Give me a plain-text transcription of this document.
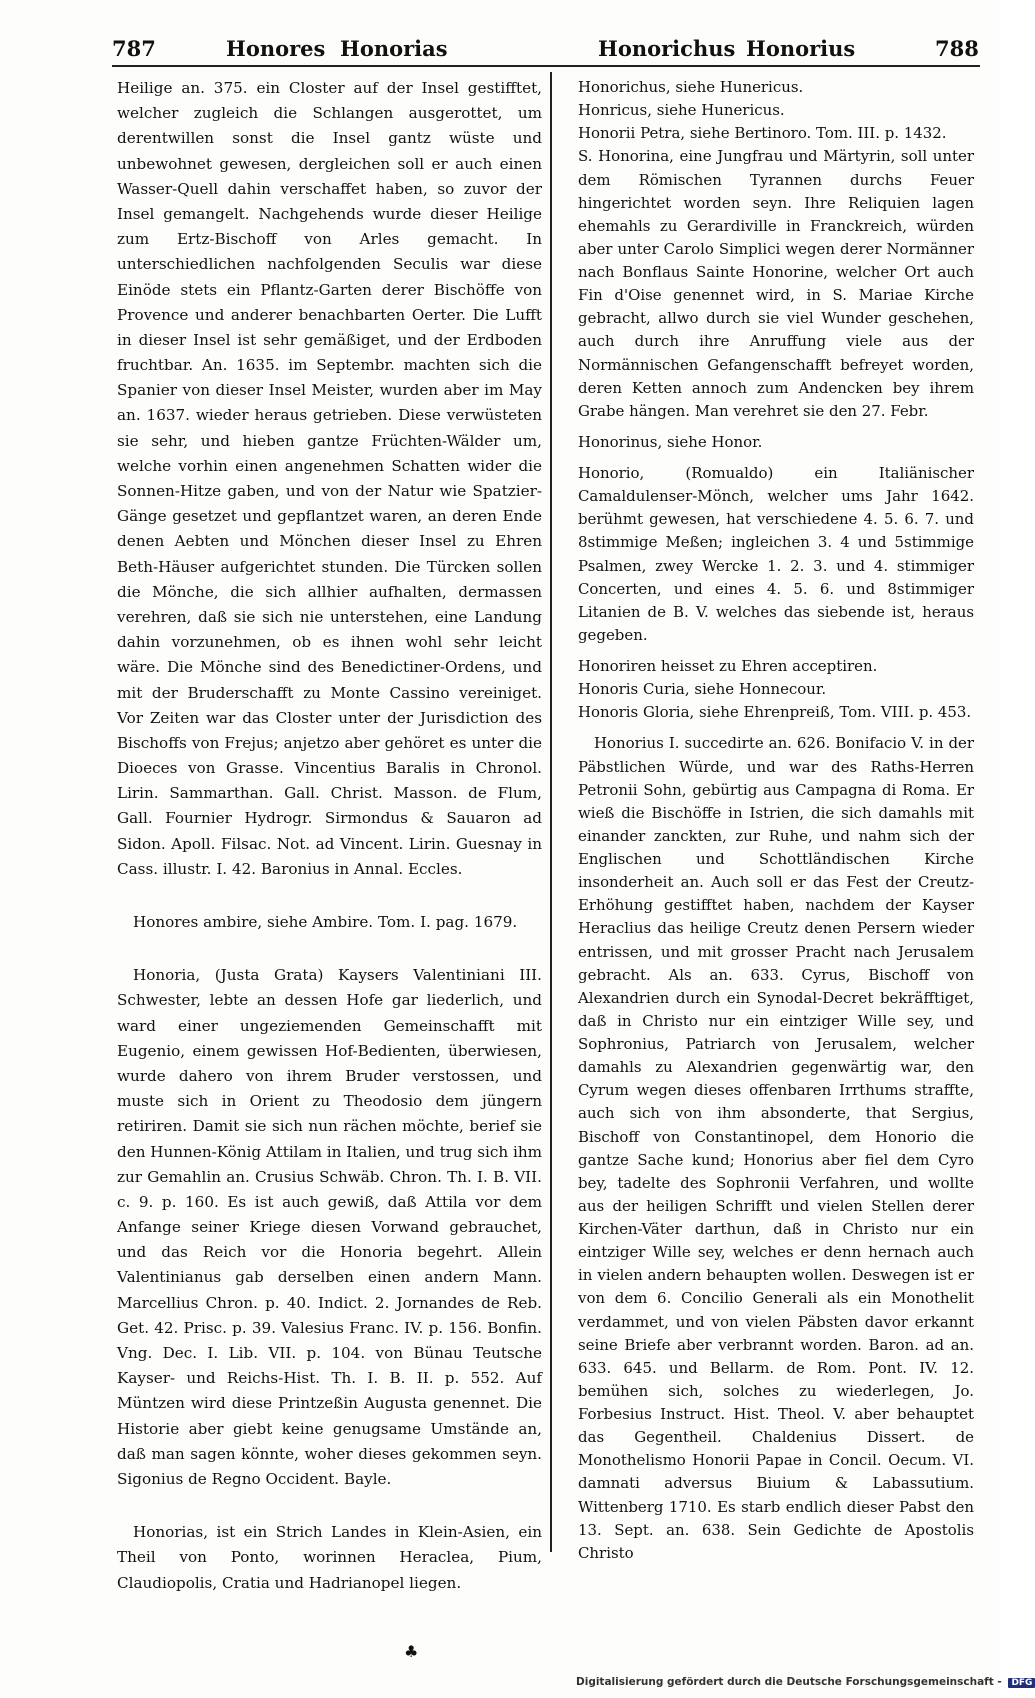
787	Honores Honorias	Honorichus Honorius	788

Heilige an. 375. ein Closter auf der Insel gestifftet, welcher zugleich die Schlangen ausgerottet, um derentwillen sonst die Insel gantz wüste und unbewohnet gewesen, dergleichen soll er auch einen Wasser-Quell dahin verschaffet haben, so zuvor der Insel gemangelt. Nachgehends wurde dieser Heilige zum Ertz-Bischoff von Arles gemacht. In unterschiedlichen nachfolgenden Seculis war diese Einöde stets ein Pflantz-Garten derer Bischöffe von Provence und anderer benachbarten Oerter. Die Lufft in dieser Insel ist sehr gemäßiget, und der Erdboden fruchtbar. An. 1635. im Septembr. machten sich die Spanier von dieser Insel Meister, wurden aber im May an. 1637. wieder heraus getrieben. Diese verwüsteten sie sehr, und hieben gantze Früchten-Wälder um, welche vorhin einen angenehmen Schatten wider die Sonnen-Hitze gaben, und von der Natur wie Spatzier-Gänge gesetzet und gepflantzet waren, an deren Ende denen Aebten und Mönchen dieser Insel zu Ehren Beth-Häuser aufgerichtet stunden. Die Türcken sollen die Mönche, die sich allhier aufhalten, dermassen verehren, daß sie sich nie unterstehen, eine Landung dahin vorzunehmen, ob es ihnen wohl sehr leicht wäre. Die Mönche sind des Benedictiner-Ordens, und mit der Bruderschafft zu Monte Cassino vereiniget. Vor Zeiten war das Closter unter der Jurisdiction des Bischoffs von Frejus; anjetzo aber gehöret es unter die Dioeces von Grasse. Vincentius Baralis in Chronol. Lirin. Sammarthan. Gall. Christ. Masson. de Flum, Gall. Fournier Hydrogr. Sirmondus & Sauaron ad Sidon. Apoll. Filsac. Not. ad Vincent. Lirin. Guesnay in Cass. illustr. I. 42. Baronius in Annal. Eccles.

Honores ambire, siehe Ambire. Tom. I. pag. 1679.

Honoria, (Justa Grata) Kaysers Valentiniani III. Schwester, lebte an dessen Hofe gar liederlich, und ward einer ungeziemenden Gemeinschafft mit Eugenio, einem gewissen Hof-Bedienten, überwiesen, wurde dahero von ihrem Bruder verstossen, und muste sich in Orient zu Theodosio dem jüngern retiriren. Damit sie sich nun rächen möchte, berief sie den Hunnen-König Attilam in Italien, und trug sich ihm zur Gemahlin an. Crusius Schwäb. Chron. Th. I. B. VII. c. 9. p. 160. Es ist auch gewiß, daß Attila vor dem Anfange seiner Kriege diesen Vorwand gebrauchet, und das Reich vor die Honoria begehrt. Allein Valentinianus gab derselben einen andern Mann. Marcellius Chron. p. 40. Indict. 2. Jornandes de Reb. Get. 42. Prisc. p. 39. Valesius Franc. IV. p. 156. Bonfin. Vng. Dec. I. Lib. VII. p. 104. von Bünau Teutsche Kayser- und Reichs-Hist. Th. I. B. II. p. 552. Auf Müntzen wird diese Printzeßin Augusta genennet. Die Historie aber giebt keine genugsame Umstände an, daß man sagen könnte, woher dieses gekommen seyn. Sigonius de Regno Occident. Bayle.

Honorias, ist ein Strich Landes in Klein-Asien, ein Theil von Ponto, worinnen Heraclea, Pium, Claudiopolis, Cratia und Hadrianopel liegen.

Honorichus, siehe Hunericus.

Honricus, siehe Hunericus.

Honorii Petra, siehe Bertinoro. Tom. III. p. 1432.

S. Honorina, eine Jungfrau und Märtyrin, soll unter dem Römischen Tyrannen durchs Feuer hingerichtet worden seyn. Ihre Reliquien lagen ehemahls zu Gerardiville in Franckreich, würden aber unter Carolo Simplici wegen derer Normänner nach Bonflaus Sainte Honorine, welcher Ort auch Fin d'Oise genennet wird, in S. Mariae Kirche gebracht, allwo durch sie viel Wunder geschehen, auch durch ihre Anruffung viele aus der Normännischen Gefangenschafft befreyet worden, deren Ketten annoch zum Andencken bey ihrem Grabe hängen. Man verehret sie den 27. Febr.

Honorinus, siehe Honor.

Honorio, (Romualdo) ein Italiänischer Camaldulenser-Mönch, welcher ums Jahr 1642. berühmt gewesen, hat verschiedene 4. 5. 6. 7. und 8stimmige Meßen; ingleichen 3. 4 und 5stimmige Psalmen, zwey Wercke 1. 2. 3. und 4. stimmiger Concerten, und eines 4. 5. 6. und 8stimmiger Litanien de B. V. welches das siebende ist, heraus gegeben.

Honoriren heisset zu Ehren acceptiren.

Honoris Curia, siehe Honnecour.

Honoris Gloria, siehe Ehrenpreiß, Tom. VIII. p. 453.

Honorius I. succedirte an. 626. Bonifacio V. in der Päbstlichen Würde, und war des Raths-Herren Petronii Sohn, gebürtig aus Campagna di Roma. Er wieß die Bischöffe in Istrien, die sich damahls mit einander zanckten, zur Ruhe, und nahm sich der Englischen und Schottländischen Kirche insonderheit an. Auch soll er das Fest der Creutz-Erhöhung gestifftet haben, nachdem der Kayser Heraclius das heilige Creutz denen Persern wieder entrissen, und mit grosser Pracht nach Jerusalem gebracht. Als an. 633. Cyrus, Bischoff von Alexandrien durch ein Synodal-Decret bekräfftiget, daß in Christo nur ein eintziger Wille sey, und Sophronius, Patriarch von Jerusalem, welcher damahls zu Alexandrien gegenwärtig war, den Cyrum wegen dieses offenbaren Irrthums straffte, auch sich von ihm absonderte, that Sergius, Bischoff von Constantinopel, dem Honorio die gantze Sache kund; Honorius aber fiel dem Cyro bey, tadelte des Sophronii Verfahren, und wollte aus der heiligen Schrifft und vielen Stellen derer Kirchen-Väter darthun, daß in Christo nur ein eintziger Wille sey, welches er denn hernach auch in vielen andern behaupten wollen. Deswegen ist er von dem 6. Concilio Generali als ein Monothelit verdammet, und von vielen Päbsten davor erkannt seine Briefe aber verbrannt worden. Baron. ad an. 633. 645. und Bellarm. de Rom. Pont. IV. 12. bemühen sich, solches zu wiederlegen, Jo. Forbesius Instruct. Hist. Theol. V. aber behauptet das Gegentheil. Chaldenius Dissert. de Monothelismo Honorii Papae in Concil. Oecum. VI. damnati adversus Biuium & Labassutium. Wittenberg 1710. Es starb endlich dieser Pabst den 13. Sept. an. 638. Sein Gedichte de Apostolis Christo

♣
Digitalisierung gefördert durch die Deutsche Forschungsgemeinschaft - DFG
